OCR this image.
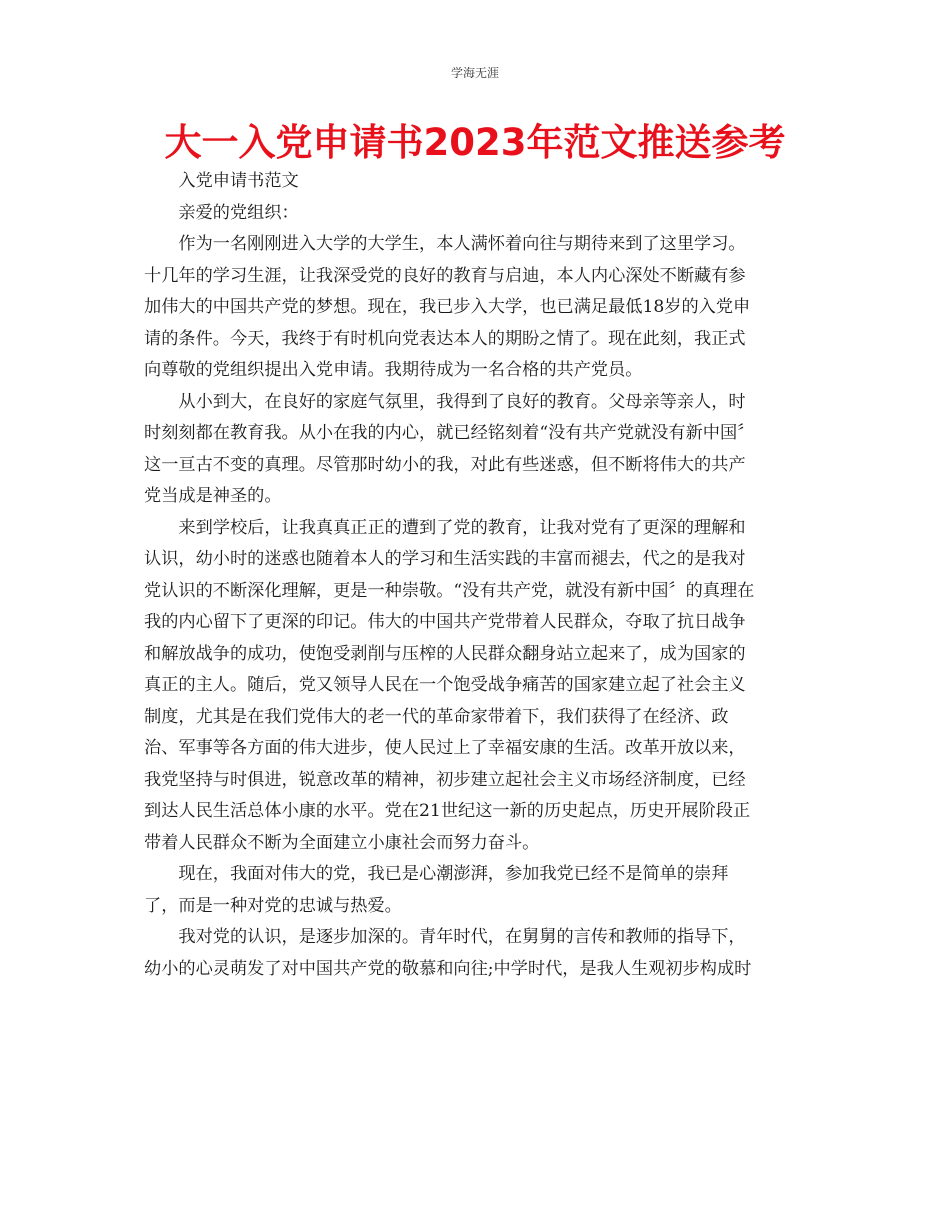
学海无涯
大一入党申请书2023年范文推送参考

入党申请书范文

亲爱的党组织：

作为一名刚刚进入大学的大学生，本人满怀着向往与期待来到了这里学习。

十几年的学习生涯，让我深受党的良好的教育与启迪，本人内心深处不断藏有参

加伟大的中国共产党的梦想。现在，我已步入大学，也已满足最低18岁的入党申

请的条件。今天，我终于有时机向党表达本人的期盼之情了。现在此刻，我正式

向尊敬的党组织提出入党申请。我期待成为一名合格的共产党员。

从小到大，在良好的家庭气氛里，我得到了良好的教育。父母亲等亲人，时

时刻刻都在教育我。从小在我的内心，就已经铭刻着“没有共产党就没有新中国〞

这一亘古不变的真理。尽管那时幼小的我，对此有些迷惑，但不断将伟大的共产

党当成是神圣的。

来到学校后，让我真真正正的遭到了党的教育，让我对党有了更深的理解和

认识，幼小时的迷惑也随着本人的学习和生活实践的丰富而褪去，代之的是我对

党认识的不断深化理解，更是一种崇敬。“没有共产党，就没有新中国〞的真理在

我的内心留下了更深的印记。伟大的中国共产党带着人民群众，夺取了抗日战争

和解放战争的成功，使饱受剥削与压榨的人民群众翻身站立起来了，成为国家的

真正的主人。随后，党又领导人民在一个饱受战争痛苦的国家建立起了社会主义

制度，尤其是在我们党伟大的老一代的革命家带着下，我们获得了在经济、政

治、军事等各方面的伟大进步，使人民过上了幸福安康的生活。改革开放以来，

我党坚持与时俱进，锐意改革的精神，初步建立起社会主义市场经济制度，已经

到达人民生活总体小康的水平。党在21世纪这一新的历史起点，历史开展阶段正

带着人民群众不断为全面建立小康社会而努力奋斗。

现在，我面对伟大的党，我已是心潮澎湃，参加我党已经不是简单的崇拜

了，而是一种对党的忠诚与热爱。

我对党的认识，是逐步加深的。青年时代，在舅舅的言传和教师的指导下，

幼小的心灵萌发了对中国共产党的敬慕和向往;中学时代，是我人生观初步构成时
